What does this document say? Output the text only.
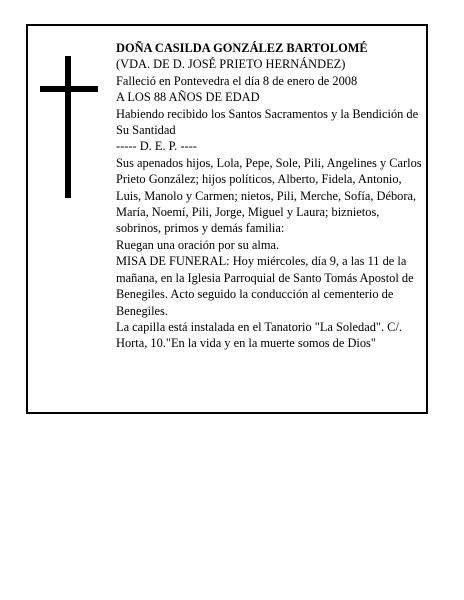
DOÑA CASILDA GONZÁLEZ BARTOLOMÉ

(VDA. DE D. JOSÉ PRIETO HERNÁNDEZ)

Falleció en Pontevedra el día 8 de enero de 2008

A LOS 88 AÑOS DE EDAD

Habiendo recibido los Santos Sacramentos y la Bendición de Su Santidad

----- D. E. P. ----

Sus apenados hijos, Lola, Pepe, Sole, Pili, Angelines y Carlos Prieto González; hijos políticos, Alberto, Fidela, Antonio, Luis, Manolo y Carmen; nietos, Pili, Merche, Sofía, Débora, María, Noemí, Pili, Jorge, Miguel y Laura; biznietos, sobrinos, primos y demás familia:

Ruegan una oración por su alma.

MISA DE FUNERAL: Hoy miércoles, día 9, a las 11 de la mañana, en la Iglesia Parroquial de Santo Tomás Apostol de Benegiles. Acto seguido la conducción al cementerio de Benegiles.

La capilla está instalada en el Tanatorio "La Soledad". C/. Horta, 10."En la vida y en la muerte somos de Dios"
